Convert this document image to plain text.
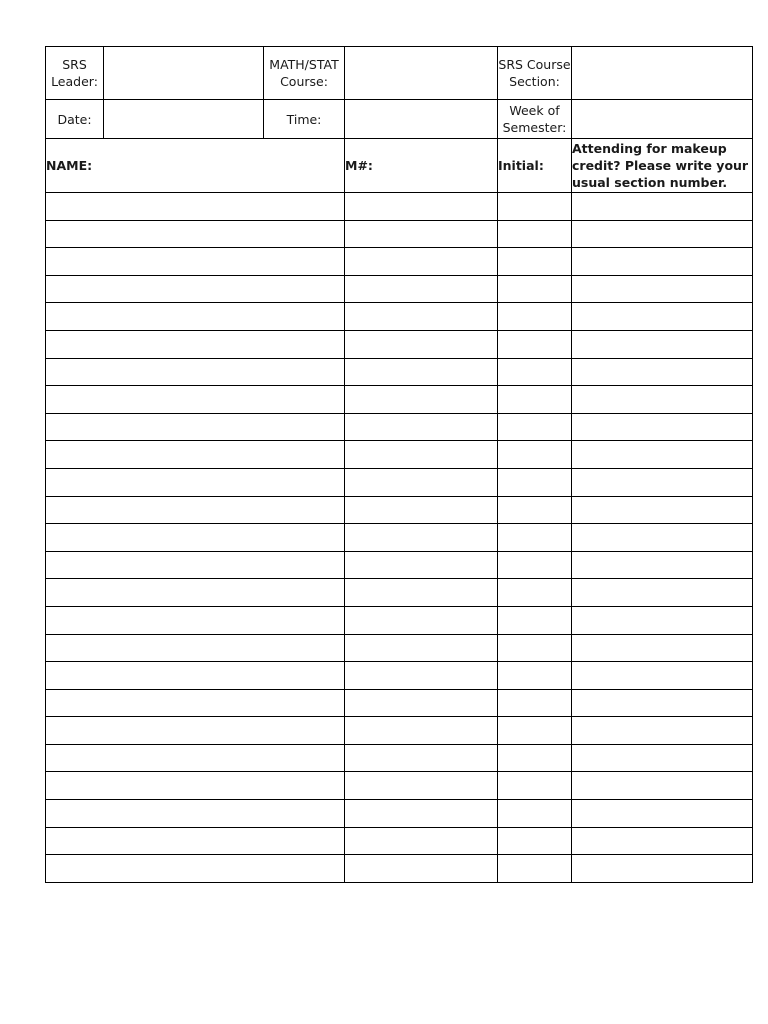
SRS Leader:		MATH/STAT Course:		SRS Course Section:	
Date:		Time:		Week of Semester:	
NAME:			M#:	Initial:	Attending for makeup credit? Please write your usual section number.
